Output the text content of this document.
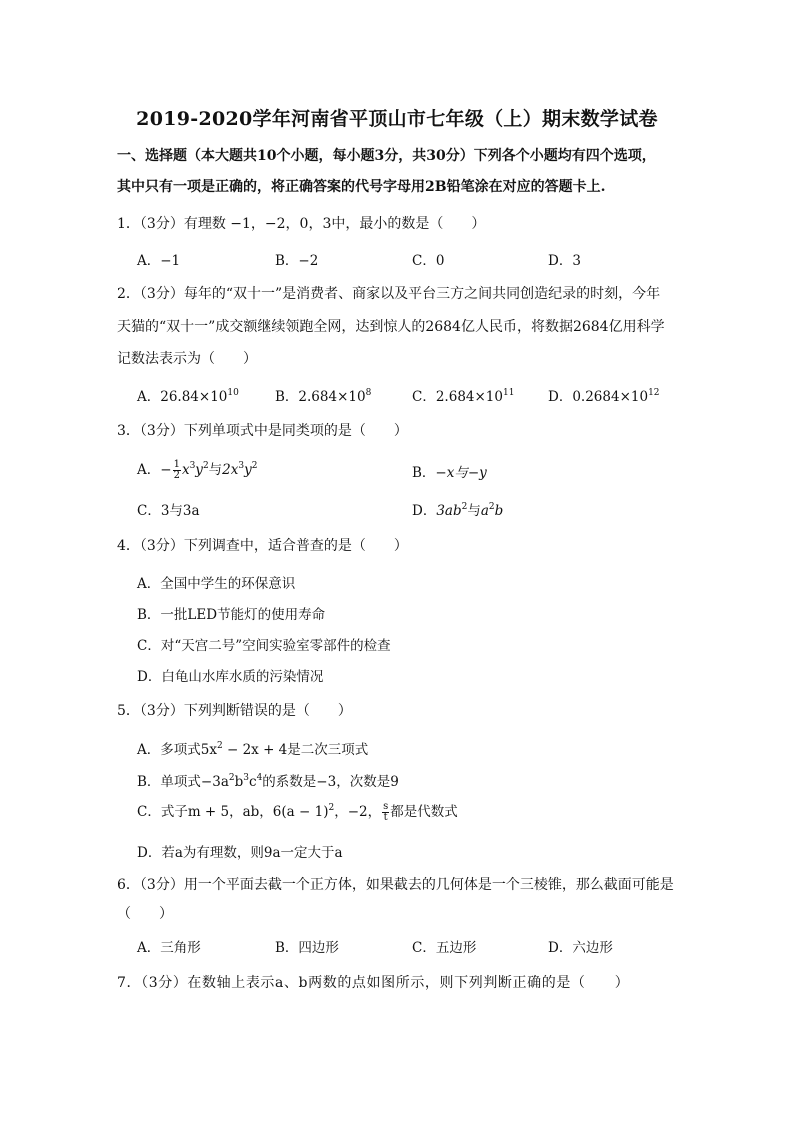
2019-2020学年河南省平顶山市七年级（上）期末数学试卷
一、选择题（本大题共10个小题，每小题3分，共30分）下列各个小题均有四个选项，
其中只有一项是正确的，将正确答案的代号字母用2B铅笔涂在对应的答题卡上.
1．（3分）有理数 −1，−2，0，3中，最小的数是（　　）
A．−1	B．−2	C．0	D．3
2．（3分）每年的“双十一”是消费者、商家以及平台三方之间共同创造纪录的时刻，今年
天猫的“双十一”成交额继续领跑全网，达到惊人的2684亿人民币，将数据2684亿用科学
记数法表示为（　　）
A．$26.84\times 10^{10}$	B．$2.684\times 10^8$	C．$2.684\times 10^{11}$ D．$0.2684\times 10^{12}$
3．（3分）下列单项式中是同类项的是（　　）
A．− $\frac{1}{2} x^3y^2$与$2x^3y^2$	B．−x与−y
C．3与3a	D．$3ab^2$与$a^2b$
4．（3分）下列调查中，适合普查的是（　　）
A．全国中学生的环保意识
B．一批LED节能灯的使用寿命
C．对“天宫二号”空间实验室零部件的检查
D．白龟山水库水质的污染情况
5．（3分）下列判断错误的是（　　）
A．多项式$5x^2 - 2x + 4$是二次三项式
B．单项式$-3a^2b^3c^4$的系数是−3，次数是9
C．式子m + 5，ab，$6(a - 1)^2$，−2， $\frac{s}{t}$ 都是代数式
D．若a为有理数，则9a一定大于a
6．（3分）用一个平面去截一个正方体，如果截去的几何体是一个三棱锥，那么截面可能是
（　　）
A．三角形	B．四边形	C．五边形	D．六边形
7．（3分）在数轴上表示a、b两数的点如图所示，则下列判断正确的是（　　）
